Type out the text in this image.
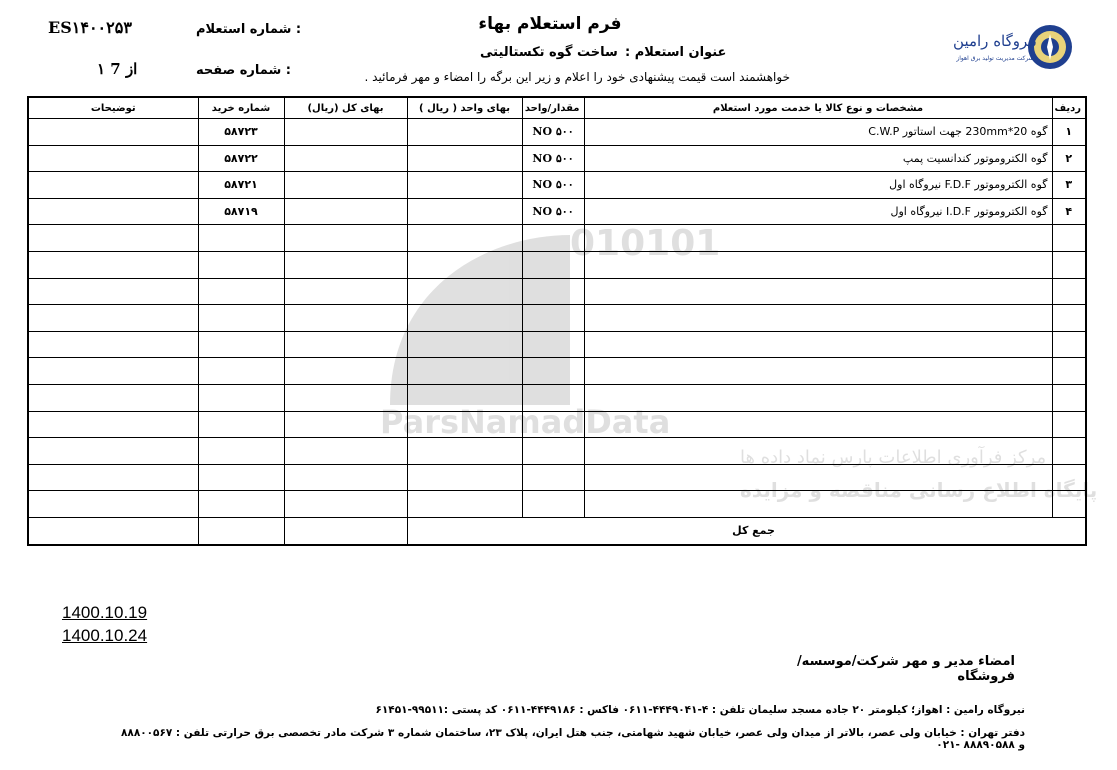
نیروگاه رامین
شرکت مدیریت تولید برق اهواز
فرم استعلام بهاء
عنوان استعلام :
ساخت گوه تکستالیتی
خواهشمند است قیمت پیشنهادی خود را اعلام و زیر این برگه را امضاء و مهر فرمائید .
شماره استعلام :
ES۱۴۰۰۲۵۳
شماره صفحه :
۱ از 7
010101
ParsNamadData
مرکز فرآوری اطلاعات پارس نماد داده ها
پایگاه اطلاع رسانی مناقصه و مزایده
ردیف	مشخصات و نوع کالا یا خدمت مورد استعلام	مقدار/واحد	بهای واحد ( ریال )	بهای کل (ریال)	شماره خرید	توضیحات
۱	گوه 20*230mm جهت استاتور C.W.P	۵۰۰ NO			۵۸۷۲۳	
۲	گوه الکتروموتور کندانسیت پمپ	۵۰۰ NO			۵۸۷۲۲	
۳	گوه الکتروموتور F.D.F نیروگاه اول	۵۰۰ NO			۵۸۷۲۱	
۴	گوه الکتروموتور I.D.F نیروگاه اول	۵۰۰ NO			۵۸۷۱۹	

جمع کل						
1400.10.19
1400.10.24
امضاء مدیر و مهر شرکت/موسسه/فروشگاه
نیروگاه رامین : اهواز؛ کیلومتر ۲۰ جاده مسجد سلیمان تلفن : ۴-۴۴۴۹۰۴۱-۰۶۱۱ فاکس : ۴۴۴۹۱۸۶-۰۶۱۱ کد پستی :۹۹۵۱۱-۶۱۴۵۱
دفتر تهران : خیابان ولی عصر، بالاتر از میدان ولی عصر، خیابان شهید شهامتی، جنب هتل ایران، پلاک ۲۳، ساختمان شماره ۳ شرکت مادر تخصصی برق حرارتی تلفن : ۸۸۸۰۰۵۶۷ و ۸۸۸۹۰۵۸۸ -۰۲۱
